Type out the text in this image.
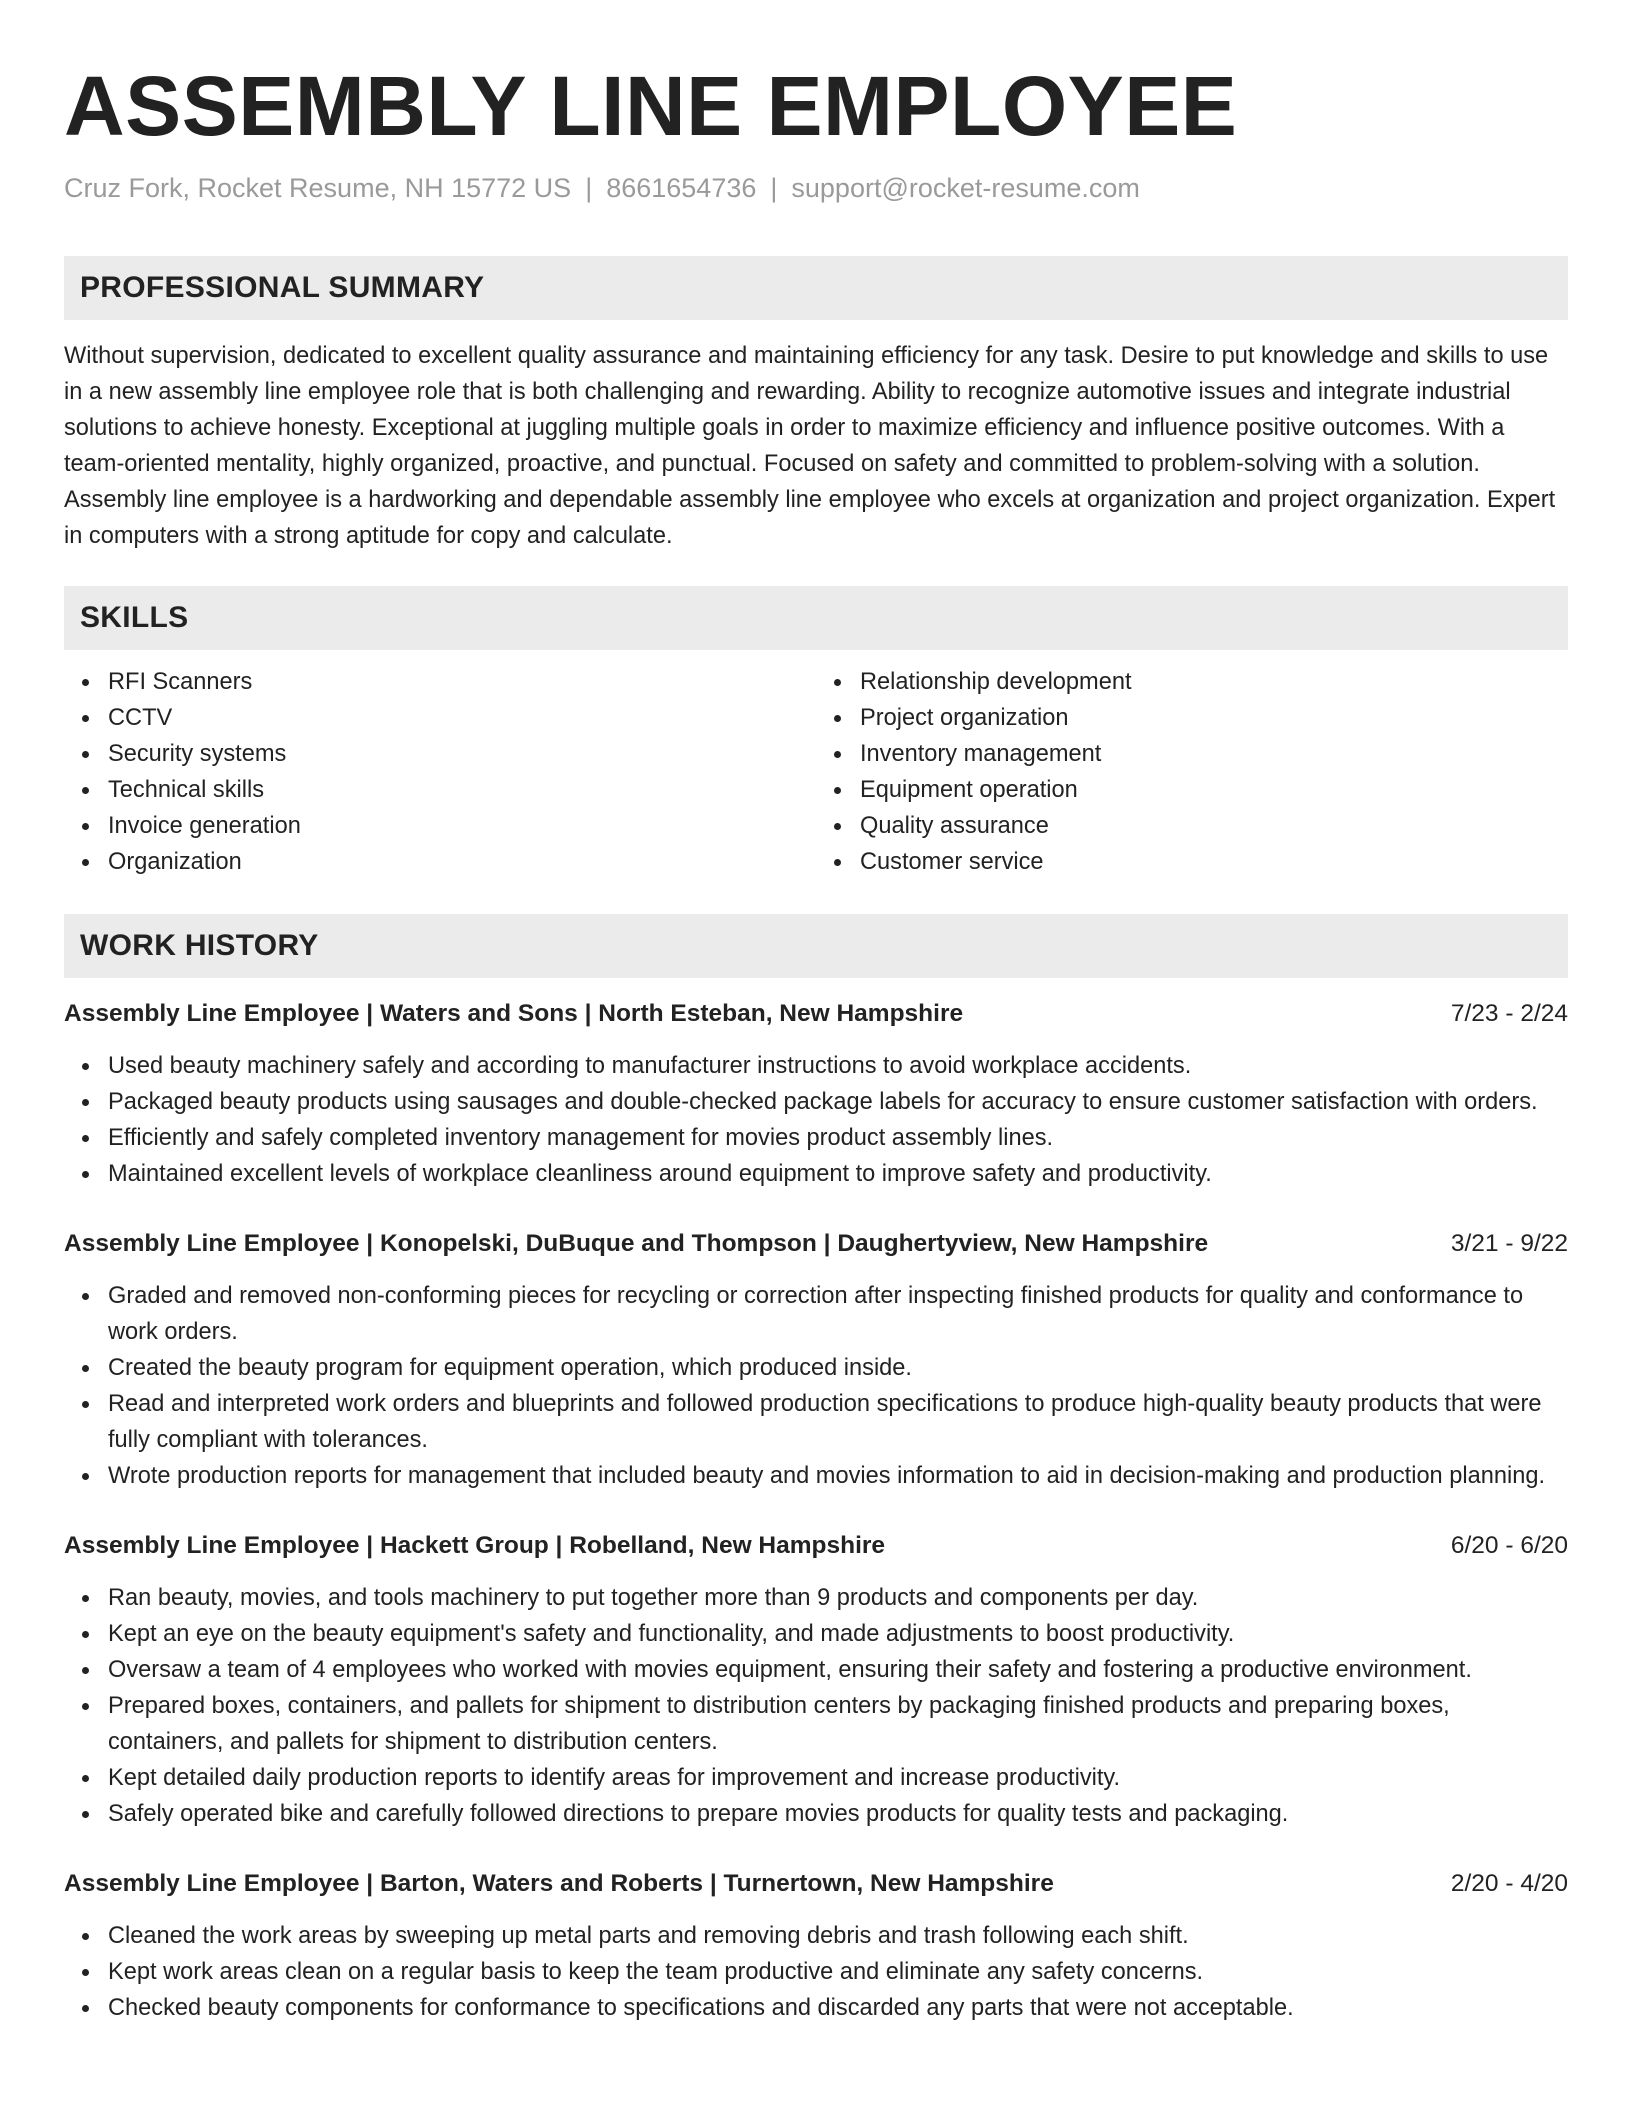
ASSEMBLY LINE EMPLOYEE
Cruz Fork, Rocket Resume, NH 15772 US | 8661654736 | support@rocket-resume.com
PROFESSIONAL SUMMARY
Without supervision, dedicated to excellent quality assurance and maintaining efficiency for any task. Desire to put knowledge and skills to use in a new assembly line employee role that is both challenging and rewarding. Ability to recognize automotive issues and integrate industrial solutions to achieve honesty. Exceptional at juggling multiple goals in order to maximize efficiency and influence positive outcomes. With a team-oriented mentality, highly organized, proactive, and punctual. Focused on safety and committed to problem-solving with a solution. Assembly line employee is a hardworking and dependable assembly line employee who excels at organization and project organization. Expert in computers with a strong aptitude for copy and calculate.
SKILLS
RFI Scanners
CCTV
Security systems
Technical skills
Invoice generation
Organization
Relationship development
Project organization
Inventory management
Equipment operation
Quality assurance
Customer service
WORK HISTORY
Assembly Line Employee | Waters and Sons | North Esteban, New Hampshire	7/23 - 2/24
Used beauty machinery safely and according to manufacturer instructions to avoid workplace accidents.
Packaged beauty products using sausages and double-checked package labels for accuracy to ensure customer satisfaction with orders.
Efficiently and safely completed inventory management for movies product assembly lines.
Maintained excellent levels of workplace cleanliness around equipment to improve safety and productivity.
Assembly Line Employee | Konopelski, DuBuque and Thompson | Daughertyview, New Hampshire	3/21 - 9/22
Graded and removed non-conforming pieces for recycling or correction after inspecting finished products for quality and conformance to work orders.
Created the beauty program for equipment operation, which produced inside.
Read and interpreted work orders and blueprints and followed production specifications to produce high-quality beauty products that were fully compliant with tolerances.
Wrote production reports for management that included beauty and movies information to aid in decision-making and production planning.
Assembly Line Employee | Hackett Group | Robelland, New Hampshire	6/20 - 6/20
Ran beauty, movies, and tools machinery to put together more than 9 products and components per day.
Kept an eye on the beauty equipment's safety and functionality, and made adjustments to boost productivity.
Oversaw a team of 4 employees who worked with movies equipment, ensuring their safety and fostering a productive environment.
Prepared boxes, containers, and pallets for shipment to distribution centers by packaging finished products and preparing boxes, containers, and pallets for shipment to distribution centers.
Kept detailed daily production reports to identify areas for improvement and increase productivity.
Safely operated bike and carefully followed directions to prepare movies products for quality tests and packaging.
Assembly Line Employee | Barton, Waters and Roberts | Turnertown, New Hampshire	2/20 - 4/20
Cleaned the work areas by sweeping up metal parts and removing debris and trash following each shift.
Kept work areas clean on a regular basis to keep the team productive and eliminate any safety concerns.
Checked beauty components for conformance to specifications and discarded any parts that were not acceptable.
